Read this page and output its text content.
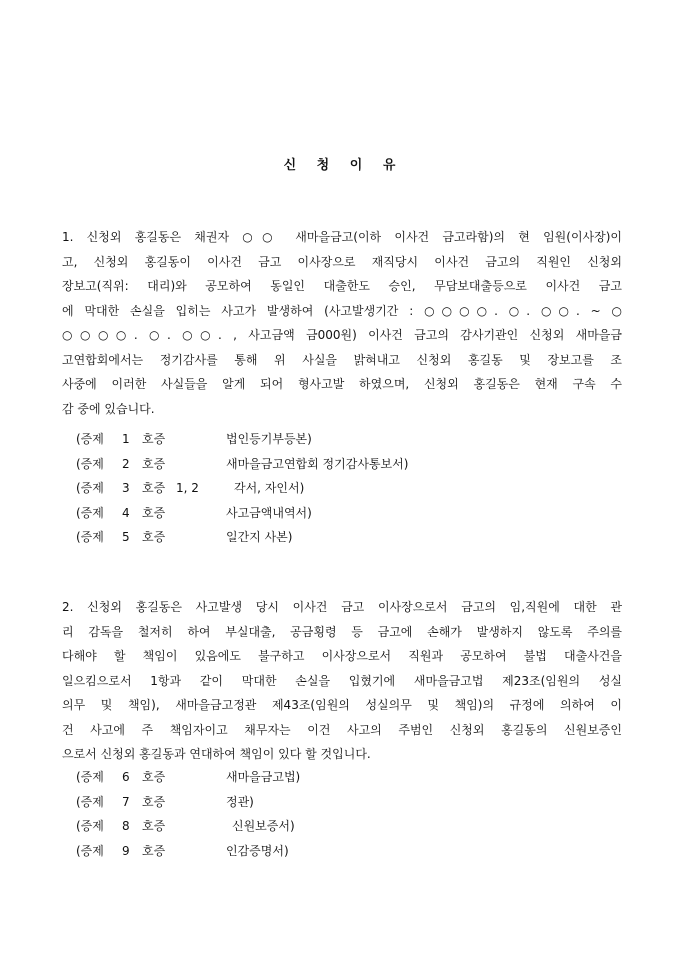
신 청 이 유
1. 신청외 홍길동은 채권자 ○○ 새마을금고(이하 이사건 금고라함)의 현 임원(이사장)이
고, 신청외 홍길동이 이사건 금고 이사장으로 재직당시 이사건 금고의 직원인 신청외
장보고(직위: 대리)와 공모하여 동일인 대출한도 승인, 무담보대출등으로 이사건 금고
에 막대한 손실을 입히는 사고가 발생하여 (사고발생기간 : ○○○○. ○. ○○. ~ ○
○○○○. ○. ○○. , 사고금액 금000원) 이사건 금고의 감사기관인 신청외 새마을금
고연합회에서는 정기감사를 통해 위 사실을 밝혀내고 신청외 홍길동 및 장보고를 조
사중에 이러한 사실들을 알게 되어 형사고발 하였으며, 신청외 홍길동은 현재 구속 수
감 중에 있습니다.
(증제 1 호증	법인등기부등본)
(증제 2 호증	새마을금고연합회 정기감사통보서)
(증제 3 호증 1, 2	각서, 자인서)
(증제 4 호증	사고금액내역서)
(증제 5 호증	일간지 사본)
2. 신청외 홍길동은 사고발생 당시 이사건 금고 이사장으로서 금고의 임,직원에 대한 관
리 감독을 철저히 하여 부실대출, 공금횡령 등 금고에 손해가 발생하지 않도록 주의를
다해야 할 책임이 있음에도 불구하고 이사장으로서 직원과 공모하여 불법 대출사건을
일으킴으로서 1항과 같이 막대한 손실을 입혔기에 새마을금고법 제23조(임원의 성실
의무 및 책임), 새마을금고정관 제43조(임원의 성실의무 및 책임)의 규정에 의하여 이
건 사고에 주 책임자이고 채무자는 이건 사고의 주범인 신청외 홍길동의 신원보증인
으로서 신청외 홍길동과 연대하여 책임이 있다 할 것입니다.
(증제 6 호증	새마을금고법)
(증제 7 호증	정관)
(증제 8 호증	신원보증서)
(증제 9 호증	인감증명서)
